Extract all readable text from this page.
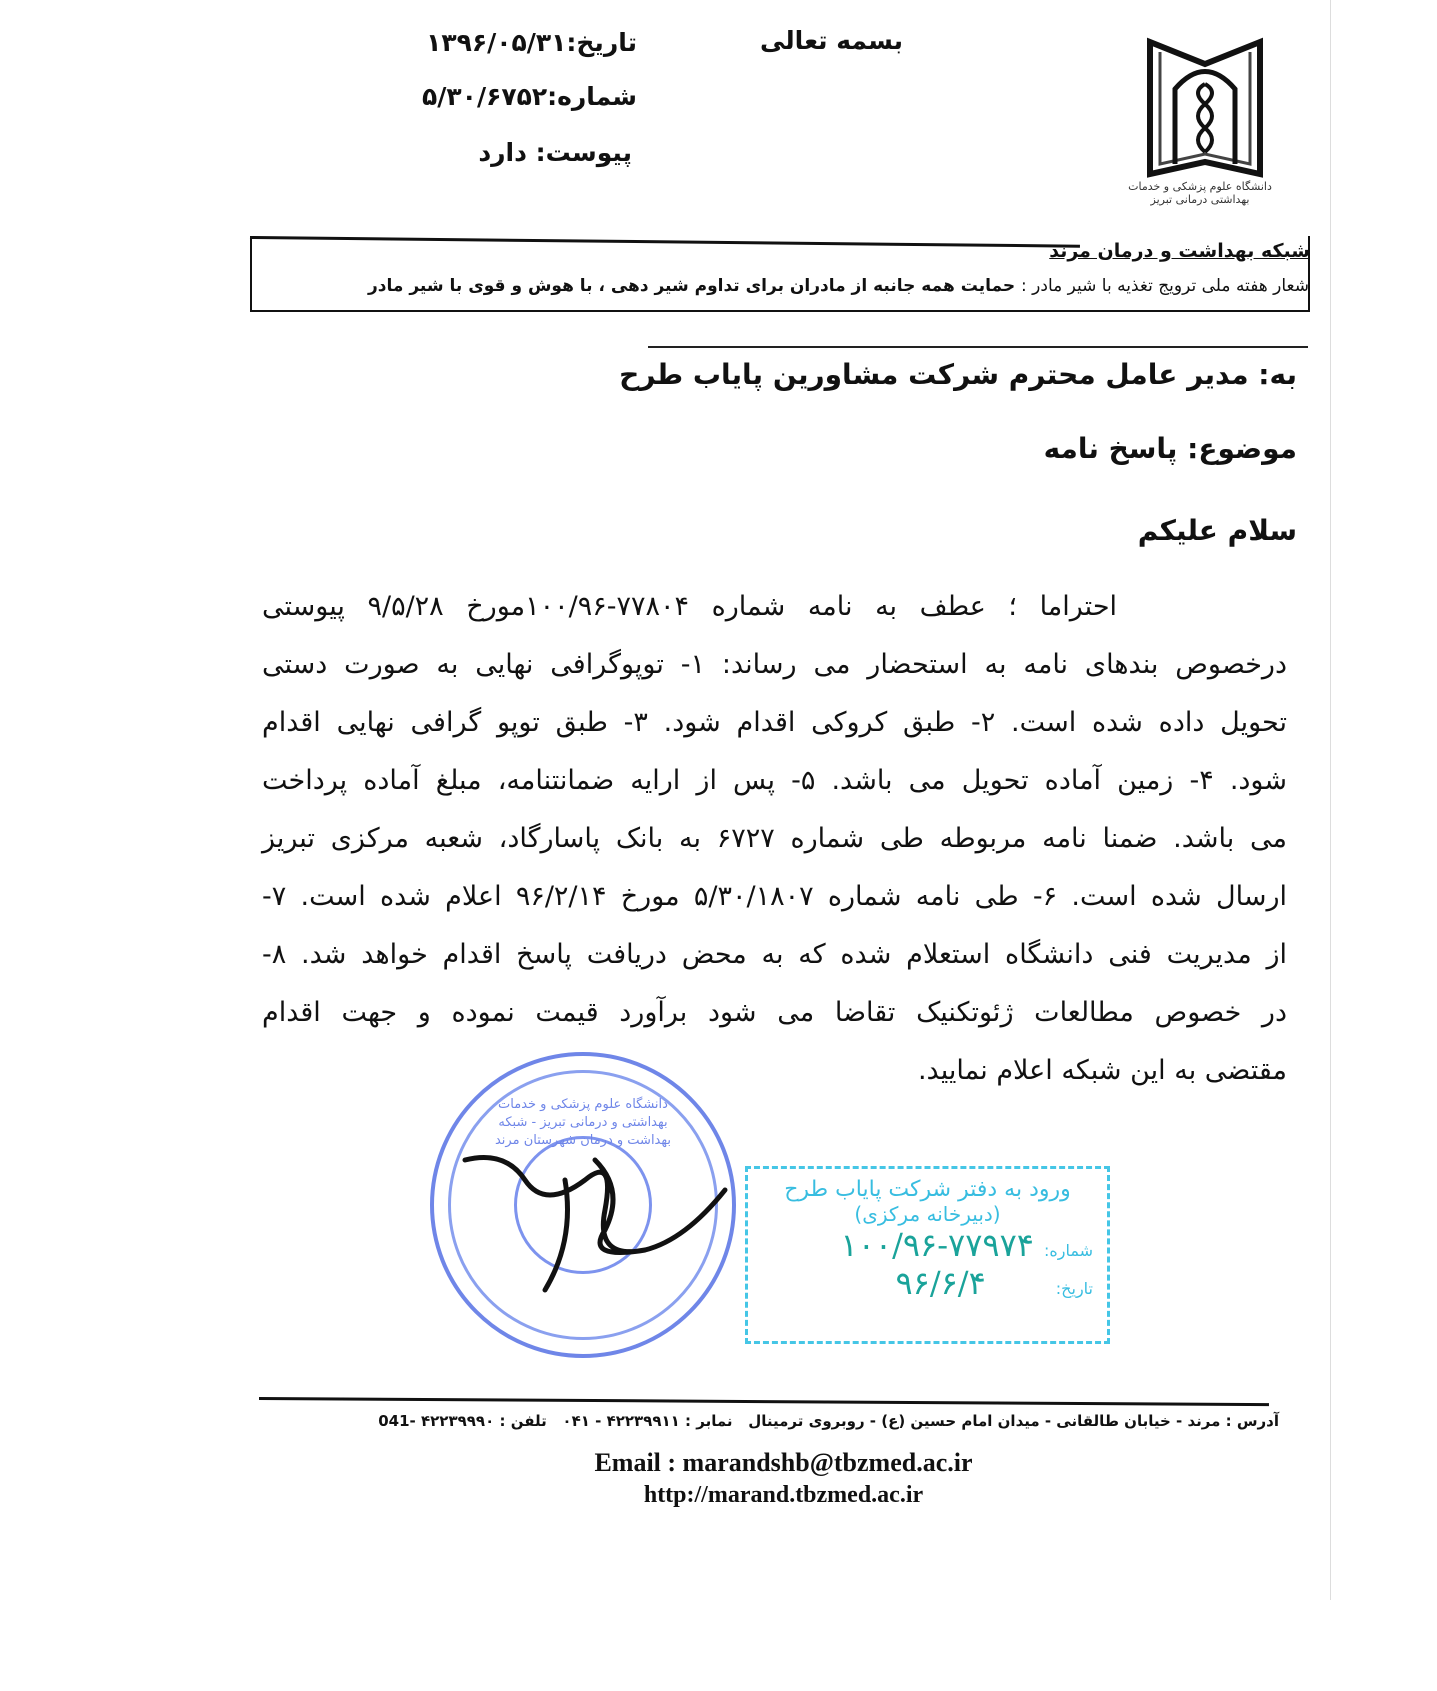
بسمه تعالی
تاریخ:۱۳۹۶/۰۵/۳۱
شماره:۵/۳۰/۶۷۵۲
پیوست: دارد
دانشگاه علوم پزشکی و خدمات بهداشتی درمانی تبریز
شبکه بهداشت و درمان مرند
شعار هفته ملی ترویج تغذیه با شیر مادر : حمایت همه جانبه از مادران برای تداوم شیر دهی ، با هوش و قوی با شیر مادر
به: مدیر عامل محترم شرکت مشاورین پایاب طرح
موضوع: پاسخ نامه
سلام علیکم
احتراما ؛ عطف به نامه شماره ۷۷۸۰۴-۱۰۰/۹۶مورخ ۹/۵/۲۸ پیوستی
درخصوص بندهای نامه به استحضار می رساند: ۱- توپوگرافی نهایی به صورت دستی
تحویل داده شده است. ۲- طبق کروکی اقدام شود. ۳- طبق توپو گرافی نهایی اقدام
شود. ۴- زمین آماده تحویل می باشد. ۵- پس از ارایه ضمانتنامه، مبلغ آماده پرداخت
می باشد. ضمنا نامه مربوطه طی شماره ۶۷۲۷ به بانک پاسارگاد، شعبه مرکزی تبریز
ارسال شده است. ۶- طی نامه شماره ۵/۳۰/۱۸۰۷ مورخ ۹۶/۲/۱۴ اعلام شده است. ۷-
از مدیریت فنی دانشگاه استعلام شده که به محض دریافت پاسخ اقدام خواهد شد. ۸-
در خصوص مطالعات ژئوتکنیک تقاضا می شود برآورد قیمت نموده و جهت اقدام
مقتضی به این شبکه اعلام نمایید.
دانشگاه علوم پزشکی و خدمات بهداشتی و درمانی تبریز - شبکه بهداشت و درمان شهرستان مرند
ورود به دفتر شرکت پایاب طرح
(دبیرخانه مرکزی)
شماره:
۱۰۰/۹۶-۷۷۹۷۴
تاریخ:
۹۶/۶/۴
آدرس : مرند - خیابان طالقانی - میدان امام حسین (ع) - روبروی ترمینال   نمابر : ۴۲۲۳۹۹۱۱ - ۰۴۱   تلفن : ۴۲۲۳۹۹۹۰ -041
Email : marandshb@tbzmed.ac.ir
http://marand.tbzmed.ac.ir
